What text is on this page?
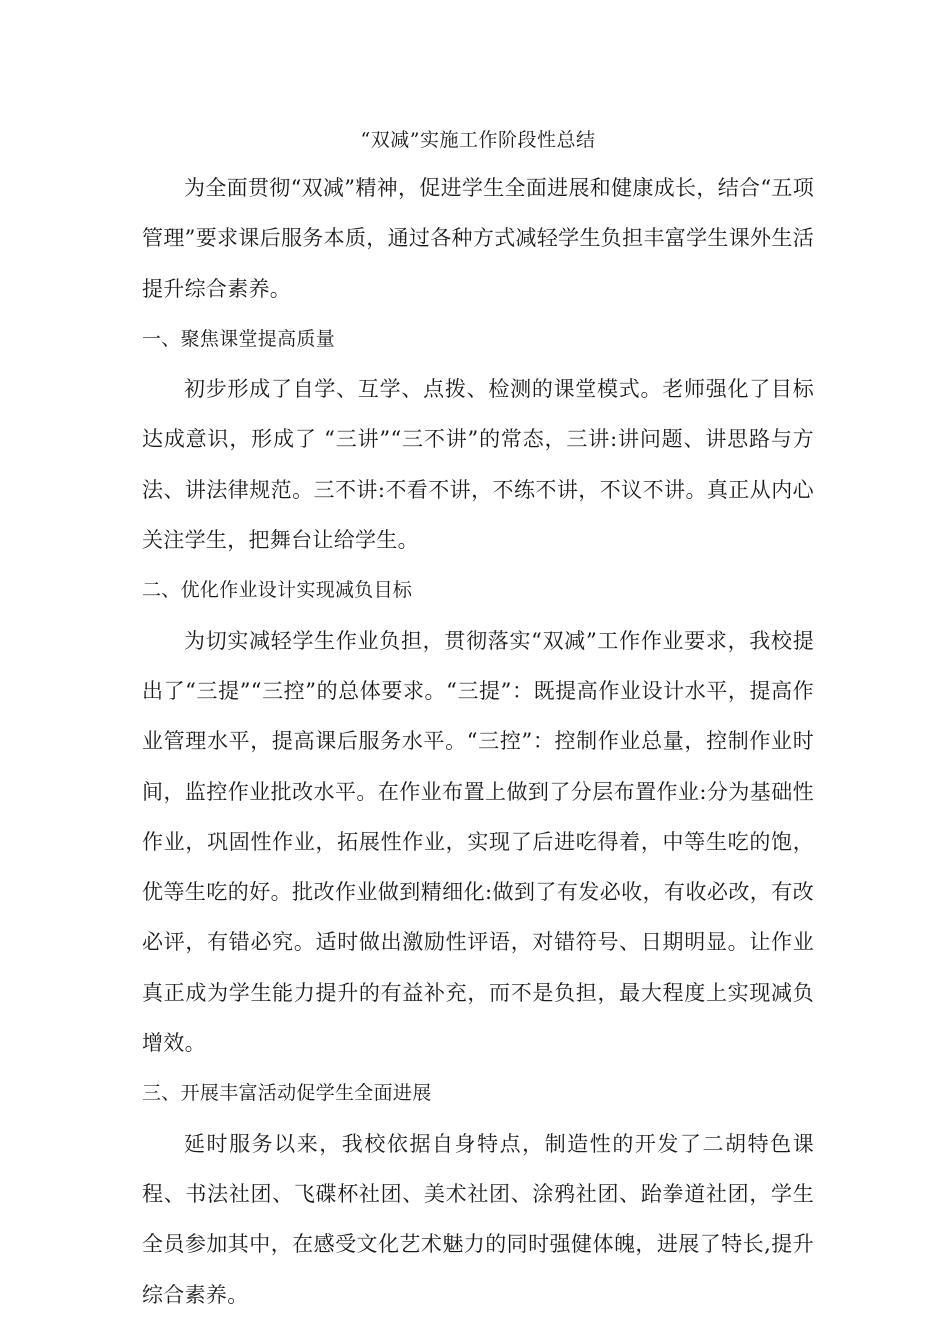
“双减”实施工作阶段性总结

为全面贯彻“双减”精神，促进学生全面进展和健康成长，结合“五项管理”要求课后服务本质，通过各种方式减轻学生负担丰富学生课外生活提升综合素养。

一、聚焦课堂提高质量

初步形成了自学、互学、点拨、检测的课堂模式。老师强化了目标达成意识，形成了 “三讲”“三不讲”的常态，三讲:讲问题、讲思路与方法、讲法律规范。三不讲:不看不讲，不练不讲，不议不讲。真正从内心关注学生，把舞台让给学生。

二、优化作业设计实现减负目标

为切实减轻学生作业负担，贯彻落实“双减”工作作业要求，我校提出了“三提”“三控”的总体要求。“三提”：既提高作业设计水平，提高作业管理水平，提高课后服务水平。“三控”：控制作业总量，控制作业时间，监控作业批改水平。在作业布置上做到了分层布置作业:分为基础性作业，巩固性作业，拓展性作业，实现了后进吃得着，中等生吃的饱，优等生吃的好。批改作业做到精细化:做到了有发必收，有收必改，有改必评，有错必究。适时做出激励性评语，对错符号、日期明显。让作业真正成为学生能力提升的有益补充，而不是负担，最大程度上实现减负增效。

三、开展丰富活动促学生全面进展

延时服务以来，我校依据自身特点，制造性的开发了二胡特色课程、书法社团、飞碟杯社团、美术社团、涂鸦社团、跆拳道社团，学生全员参加其中，在感受文化艺术魅力的同时强健体魄，进展了特长,提升综合素养。
